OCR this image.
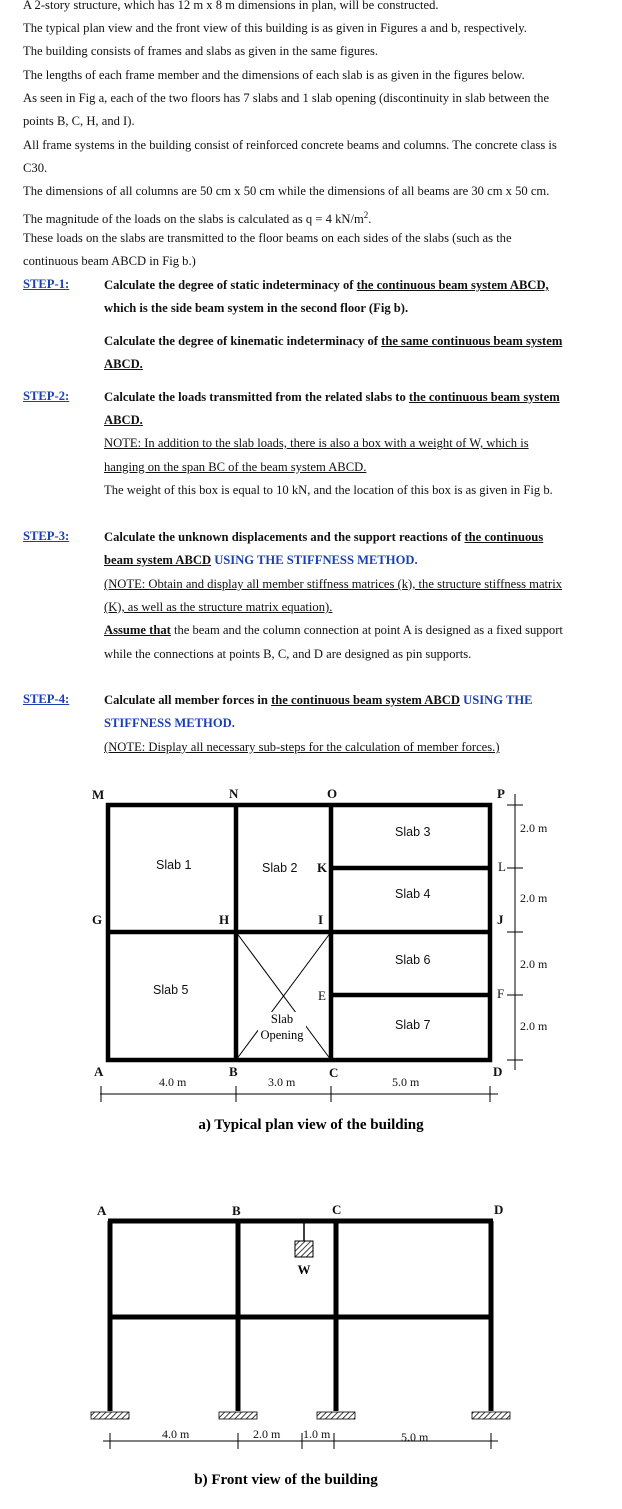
A 2-story structure, which has 12 m x 8 m dimensions in plan, will be constructed.
The typical plan view and the front view of this building is as given in Figures a and b, respectively.
The building consists of frames and slabs as given in the same figures.
The lengths of each frame member and the dimensions of each slab is as given in the figures below.
As seen in Fig a, each of the two floors has 7 slabs and 1 slab opening (discontinuity in slab between the
points B, C, H, and I).
All frame systems in the building consist of reinforced concrete beams and columns. The concrete class is
C30.
The dimensions of all columns are 50 cm x 50 cm while the dimensions of all beams are 30 cm x 50 cm.
The magnitude of the loads on the slabs is calculated as q = 4 $kN/m^2$.
These loads on the slabs are transmitted to the floor beams on each sides of the slabs (such as the
continuous beam ABCD in Fig b.)
STEP-1:	Calculate the degree of static indeterminacy of the continuous beam system ABCD,
which is the side beam system in the second floor (Fig b).
Calculate the degree of kinematic indeterminacy of the same continuous beam system
ABCD.
STEP-2:	Calculate the loads transmitted from the related slabs to the continuous beam system
ABCD.
NOTE: In addition to the slab loads, there is also a box with a weight of W, which is
hanging on the span BC of the beam system ABCD.
The weight of this box is equal to 10 kN, and the location of this box is as given in Fig b.
STEP-3:	Calculate the unknown displacements and the support reactions of the continuous
beam system ABCD USING THE STIFFNESS METHOD.
(NOTE: Obtain and display all member stiffness matrices (k), the structure stiffness matrix
(K), as well as the structure matrix equation).
Assume that the beam and the column connection at point A is designed as a fixed support
while the connections at points B, C, and D are designed as pin supports.
STEP-4:	Calculate all member forces in the continuous beam system ABCD USING THE
STIFFNESS METHOD.
(NOTE: Display all necessary sub-steps for the calculation of member forces.)
M	N	O	P
G	H	I	J
K	L
E	F
A	B	C	D
Slab 1	Slab 2
Slab 3
Slab 4
Slab 5
Slab 6
Slab 7
Slab
Opening
4.0 m	3.0 m	5.0 m
2.0 m
2.0 m
2.0 m
2.0 m
a) Typical plan view of the building
W
A	B	C	D
4.0 m	2.0 m 1.0 m	5.0 m
b) Front view of the building
